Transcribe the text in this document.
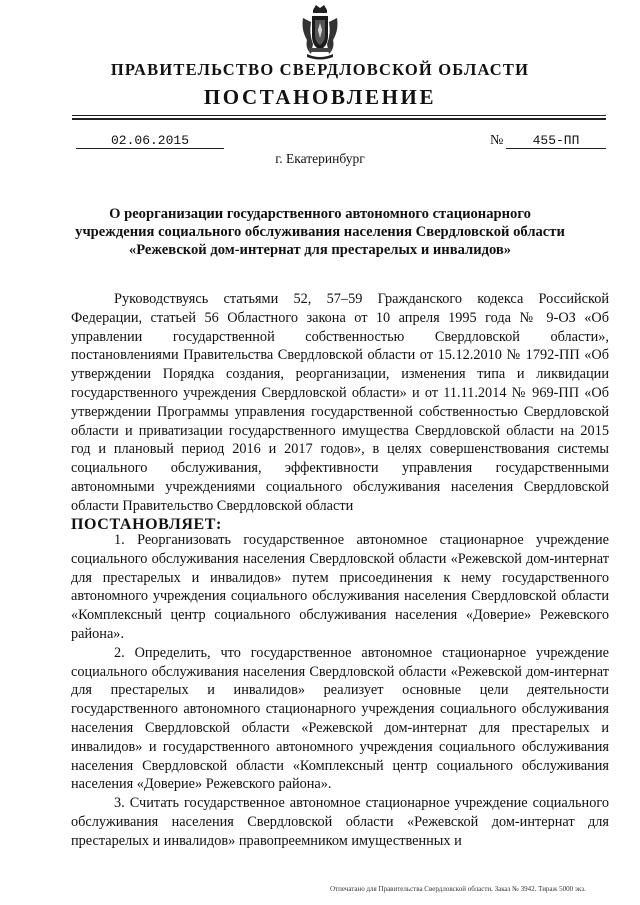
ПРАВИТЕЛЬСТВО СВЕРДЛОВСКОЙ ОБЛАСТИ
ПОСТАНОВЛЕНИЕ
02.06.2015	№	455-ПП
г. Екатеринбург
О реорганизации государственного автономного стационарного
учреждения социального обслуживания населения Свердловской области
«Режевской дом-интернат для престарелых и инвалидов»

Руководствуясь статьями 52, 57–59 Гражданского кодекса Российской Федерации, статьей 56 Областного закона от 10 апреля 1995 года № 9-ОЗ «Об управлении государственной собственностью Свердловской области», постановлениями Правительства Свердловской области от 15.12.2010 № 1792-ПП «Об утверждении Порядка создания, реорганизации, изменения типа и ликвидации государственного учреждения Свердловской области» и от 11.11.2014 № 969-ПП «Об утверждении Программы управления государственной собственностью Свердловской области и приватизации государственного имущества Свердловской области на 2015 год и плановый период 2016 и 2017 годов», в целях совершенствования системы социального обслуживания, эффективности управления государственными автономными учреждениями социального обслуживания населения Свердловской области Правительство Свердловской области

ПОСТАНОВЛЯЕТ:

1. Реорганизовать государственное автономное стационарное учреждение социального обслуживания населения Свердловской области «Режевской дом-интернат для престарелых и инвалидов» путем присоединения к нему государственного автономного учреждения социального обслуживания населения Свердловской области «Комплексный центр социального обслуживания населения «Доверие» Режевского района».

2. Определить, что государственное автономное стационарное учреждение социального обслуживания населения Свердловской области «Режевской дом-интернат для престарелых и инвалидов» реализует основные цели деятельности государственного автономного стационарного учреждения социального обслуживания населения Свердловской области «Режевской дом-интернат для престарелых и инвалидов» и государственного автономного учреждения социального обслуживания населения Свердловской области «Комплексный центр социального обслуживания населения «Доверие» Режевского района».

3. Считать государственное автономное стационарное учреждение социального обслуживания населения Свердловской области «Режевской дом-интернат для престарелых и инвалидов» правопреемником имущественных и

Отпечатано для Правительства Свердловской области. Заказ № 3942. Тираж 5000 экз.
